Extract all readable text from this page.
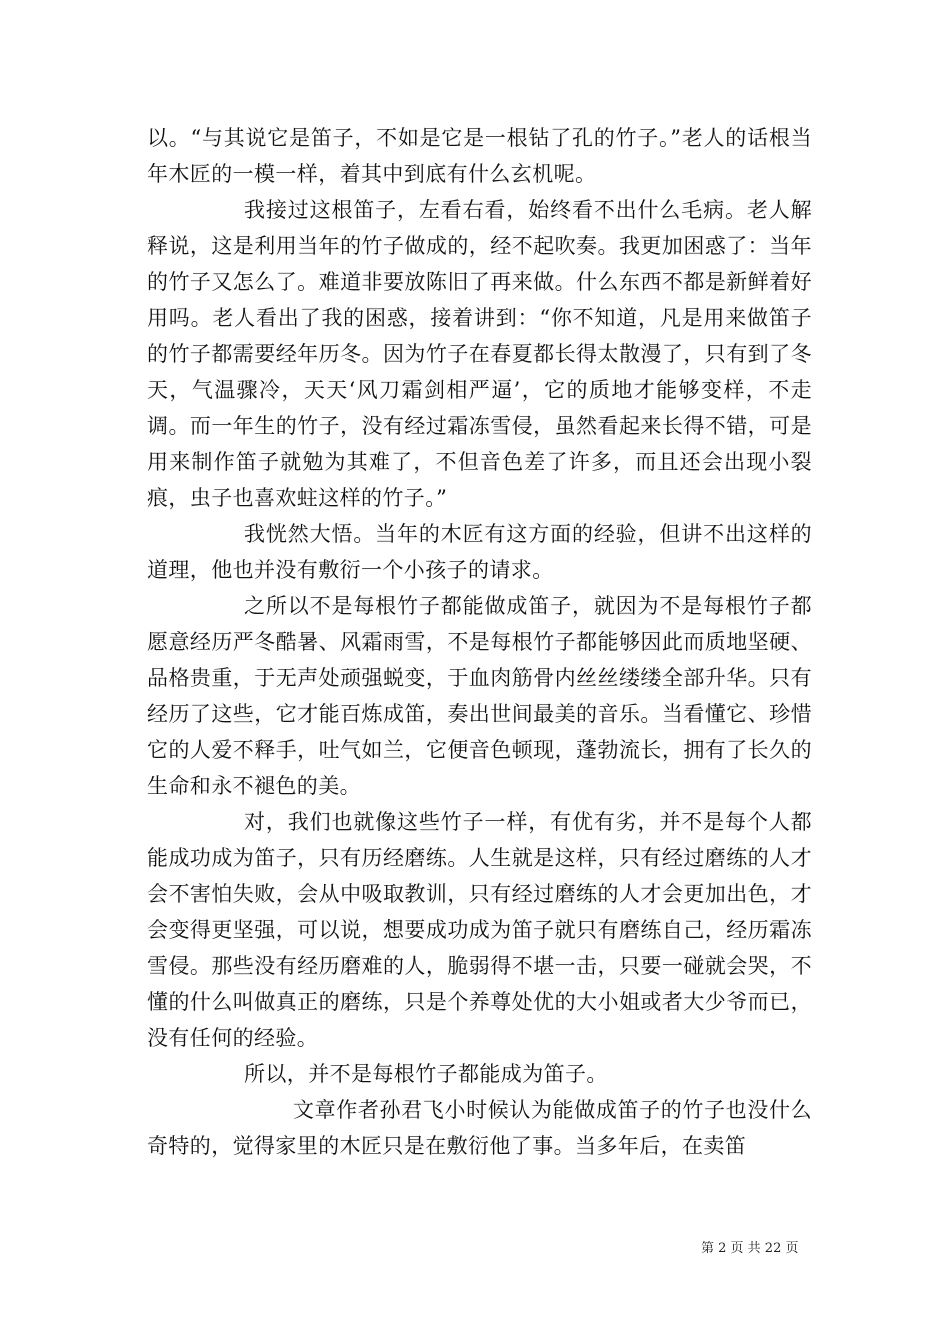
以。“与其说它是笛子，不如是它是一根钻了孔的竹子。”老人的话根当年木匠的一模一样，着其中到底有什么玄机呢。

我接过这根笛子，左看右看，始终看不出什么毛病。老人解释说，这是利用当年的竹子做成的，经不起吹奏。我更加困惑了：当年的竹子又怎么了。难道非要放陈旧了再来做。什么东西不都是新鲜着好用吗。老人看出了我的困惑，接着讲到：“你不知道，凡是用来做笛子的竹子都需要经年历冬。因为竹子在春夏都长得太散漫了，只有到了冬天，气温骤冷，天天‘风刀霜剑相严逼’，它的质地才能够变样，不走调。而一年生的竹子，没有经过霜冻雪侵，虽然看起来长得不错，可是用来制作笛子就勉为其难了，不但音色差了许多，而且还会出现小裂痕，虫子也喜欢蛀这样的竹子。”

我恍然大悟。当年的木匠有这方面的经验，但讲不出这样的道理，他也并没有敷衍一个小孩子的请求。

之所以不是每根竹子都能做成笛子，就因为不是每根竹子都愿意经历严冬酷暑、风霜雨雪，不是每根竹子都能够因此而质地坚硬、品格贵重，于无声处顽强蜕变，于血肉筋骨内丝丝缕缕全部升华。只有经历了这些，它才能百炼成笛，奏出世间最美的音乐。当看懂它、珍惜它的人爱不释手，吐气如兰，它便音色顿现，蓬勃流长，拥有了长久的生命和永不褪色的美。

对，我们也就像这些竹子一样，有优有劣，并不是每个人都能成功成为笛子，只有历经磨练。人生就是这样，只有经过磨练的人才会不害怕失败，会从中吸取教训，只有经过磨练的人才会更加出色，才会变得更坚强，可以说，想要成功成为笛子就只有磨练自己，经历霜冻雪侵。那些没有经历磨难的人，脆弱得不堪一击，只要一碰就会哭，不懂的什么叫做真正的磨练，只是个养尊处优的大小姐或者大少爷而已，没有任何的经验。

所以，并不是每根竹子都能成为笛子。

文章作者孙君飞小时候认为能做成笛子的竹子也没什么奇特的，觉得家里的木匠只是在敷衍他了事。当多年后，在卖笛

第 2 页 共 22 页
